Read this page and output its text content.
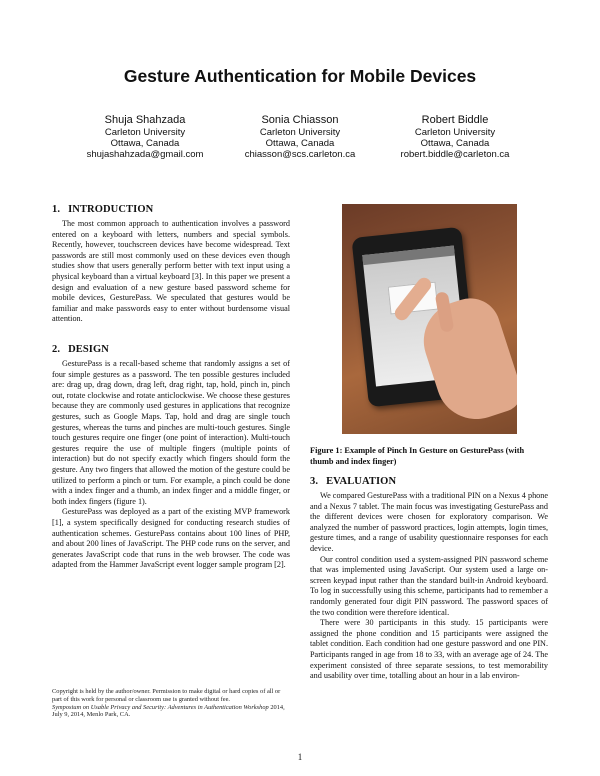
Gesture Authentication for Mobile Devices
Shuja Shahzada
Carleton University
Ottawa, Canada
shujashahzada@gmail.com
Sonia Chiasson
Carleton University
Ottawa, Canada
chiasson@scs.carleton.ca
Robert Biddle
Carleton University
Ottawa, Canada
robert.biddle@carleton.ca
1. INTRODUCTION

The most common approach to authentication involves a password entered on a keyboard with letters, numbers and special symbols. Recently, however, touchscreen devices have become widespread. Text passwords are still most commonly used on these devices even though studies show that users generally perform better with text input using a physical keyboard than a virtual keyboard [3]. In this paper we present a design and evaluation of a new gesture based password scheme for mobile devices, GesturePass. We speculated that gestures would be familiar and make passwords easy to enter without burdensome visual attention.

2. DESIGN

GesturePass is a recall-based scheme that randomly assigns a set of four simple gestures as a password. The ten possible gestures included are: drag up, drag down, drag left, drag right, tap, hold, pinch in, pinch out, rotate clockwise and rotate anticlockwise. We choose these gestures because they are commonly used gestures in applications that recognize gestures, such as Google Maps. Tap, hold and drag are single touch gestures, whereas the turns and pinches are multi-touch gestures. Single touch gestures require one finger (one point of interaction). Multi-touch gestures require the use of multiple fingers (multiple points of interaction) but do not specify exactly which fingers should form the gesture. Any two fingers that allowed the motion of the gesture could be utilized to perform a pinch or turn. For example, a pinch could be done with a index finger and a thumb, an index finger and a middle finger, or both index fingers (figure 1).

GesturePass was deployed as a part of the existing MVP framework [1], a system specifically designed for conducting research studies of authentication schemes. GesturePass contains about 100 lines of PHP, and about 200 lines of JavaScript. The PHP code runs on the server, and generates JavaScript code that runs in the web browser. The code was adapted from the Hammer JavaScript event logger sample program [2].

Figure 1: Example of Pinch In Gesture on GesturePass (with thumb and index finger)
3. EVALUATION

We compared GesturePass with a traditional PIN on a Nexus 4 phone and a Nexus 7 tablet. The main focus was investigating GesturePass and the different devices were chosen for exploratory comparison. We analyzed the number of password practices, login attempts, login times, gesture times, and a range of usability questionnaire responses for each device.

Our control condition used a system-assigned PIN password scheme that was implemented using JavaScript. Our system used a large on-screen keypad input rather than the standard built-in Android keyboard. To log in successfully using this scheme, participants had to remember a randomly generated four digit PIN password. The password spaces of the two condition were therefore identical.

There were 30 participants in this study. 15 participants were assigned the phone condition and 15 participants were assigned the tablet condition. Each condition had one gesture password and one PIN. Participants ranged in age from 18 to 33, with an average age of 24. The experiment consisted of three separate sessions, to test memorability and usability over time, totalling about an hour in a lab environ-

Copyright is held by the author/owner. Permission to make digital or hard copies of all or part of this work for personal or classroom use is granted without fee.
Symposium on Usable Privacy and Security: Adventures in Authentication Workshop 2014, July 9, 2014, Menlo Park, CA.
1
